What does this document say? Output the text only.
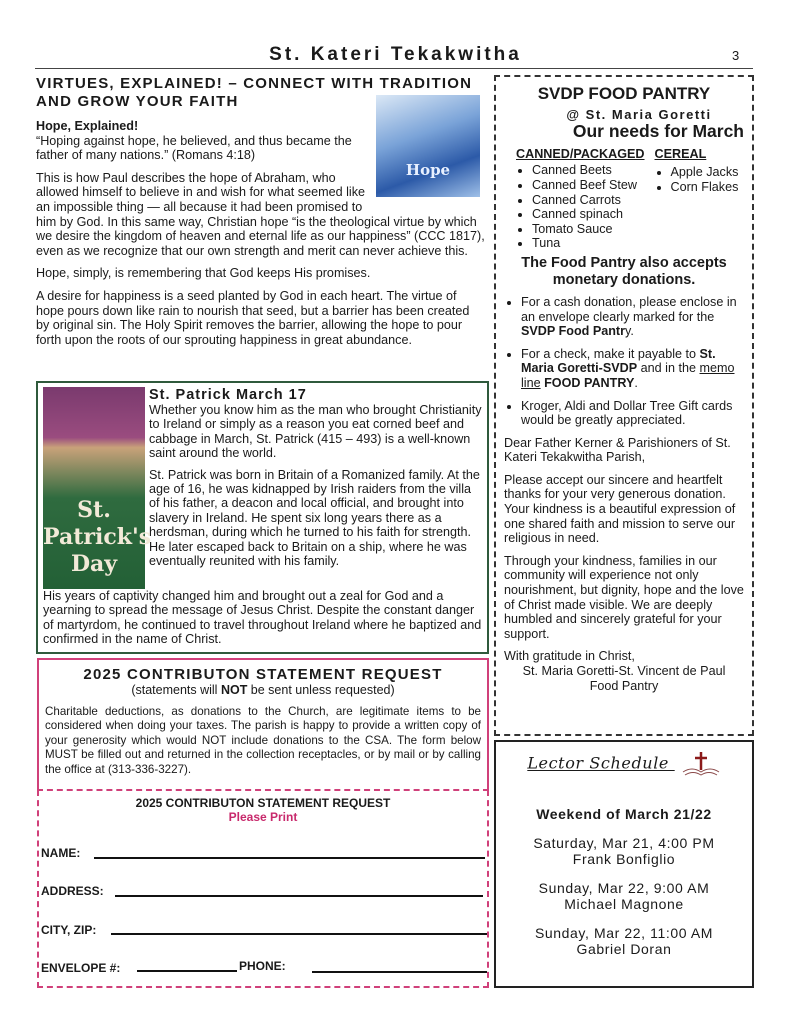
St. Kateri Tekakwitha	3
VIRTUES, EXPLAINED! – CONNECT WITH TRADITION AND GROW YOUR FAITH
Hope
Hope, Explained!

“Hoping against hope, he believed, and thus became the father of many nations.” (Romans 4:18)

This is how Paul describes the hope of Abraham, who allowed himself to believe in and wish for what seemed like an impossible thing — all because it had been promised to him by God. In this same way, Christian hope “is the theological virtue by which we desire the kingdom of heaven and eternal life as our happiness” (CCC 1817), even as we recognize that our own strength and merit can never achieve this.

Hope, simply, is remembering that God keeps His promises.

A desire for happiness is a seed planted by God in each heart. The virtue of hope pours down like rain to nourish that seed, but a barrier has been created by original sin. The Holy Spirit removes the barrier, allowing the hope to pour forth upon the roots of our sprouting happiness in great abundance.

St. Patrick's Day
St. Patrick March 17

Whether you know him as the man who brought Christianity to Ireland or simply as a reason you eat corned beef and cabbage in March, St. Patrick (415 – 493) is a well-known saint around the world.

St. Patrick was born in Britain of a Romanized family. At the age of 16, he was kidnapped by Irish raiders from the villa of his father, a deacon and local official, and brought into slavery in Ireland. He spent six long years there as a herdsman, during which he turned to his faith for strength. He later escaped back to Britain on a ship, where he was eventually reunited with his family.

His years of captivity changed him and brought out a zeal for God and a yearning to spread the message of Jesus Christ. Despite the constant danger of martyrdom, he continued to travel throughout Ireland where he baptized and confirmed in the name of Christ.

2025 CONTRIBUTON STATEMENT REQUEST
(statements will NOT be sent unless requested)
Charitable deductions, as donations to the Church, are legitimate items to be considered when doing your taxes. The parish is happy to provide a written copy of your generosity which would NOT include donations to the CSA. The form below MUST be filled out and returned in the collection receptacles, or by mail or by calling the office at (313-336-3227).
2025 CONTRIBUTON STATEMENT REQUEST
Please Print
NAME:
ADDRESS:
CITY, ZIP:
ENVELOPE #:	PHONE:
SVDP FOOD PANTRY
@ St. Maria Goretti
Our needs for March
CANNED/PACKAGED
• Canned Beets
• Canned Beef Stew
• Canned Carrots
• Canned spinach
• Tomato Sauce
• Tuna
CEREAL
• Apple Jacks
• Corn Flakes
The Food Pantry also accepts monetary donations.
• For a cash donation, please enclose in an envelope clearly marked for the SVDP Food Pantry.
• For a check, make it payable to St. Maria Goretti-SVDP and in the memo line FOOD PANTRY.
• Kroger, Aldi and Dollar Tree Gift cards would be greatly appreciated.

Dear Father Kerner & Parishioners of St. Kateri Tekakwitha Parish,

Please accept our sincere and heartfelt thanks for your very generous donation. Your kindness is a beautiful expression of one shared faith and mission to serve our religious in need.

Through your kindness, families in our community will experience not only nourishment, but dignity, hope and the love of Christ made visible. We are deeply humbled and sincerely grateful for your support.

With gratitude in Christ,
St. Maria Goretti-St. Vincent de Paul
Food Pantry
Lector Schedule
Weekend of March 21/22
Saturday, Mar 21, 4:00 PM
Frank Bonfiglio
Sunday, Mar 22, 9:00 AM
Michael Magnone
Sunday, Mar 22, 11:00 AM
Gabriel Doran
